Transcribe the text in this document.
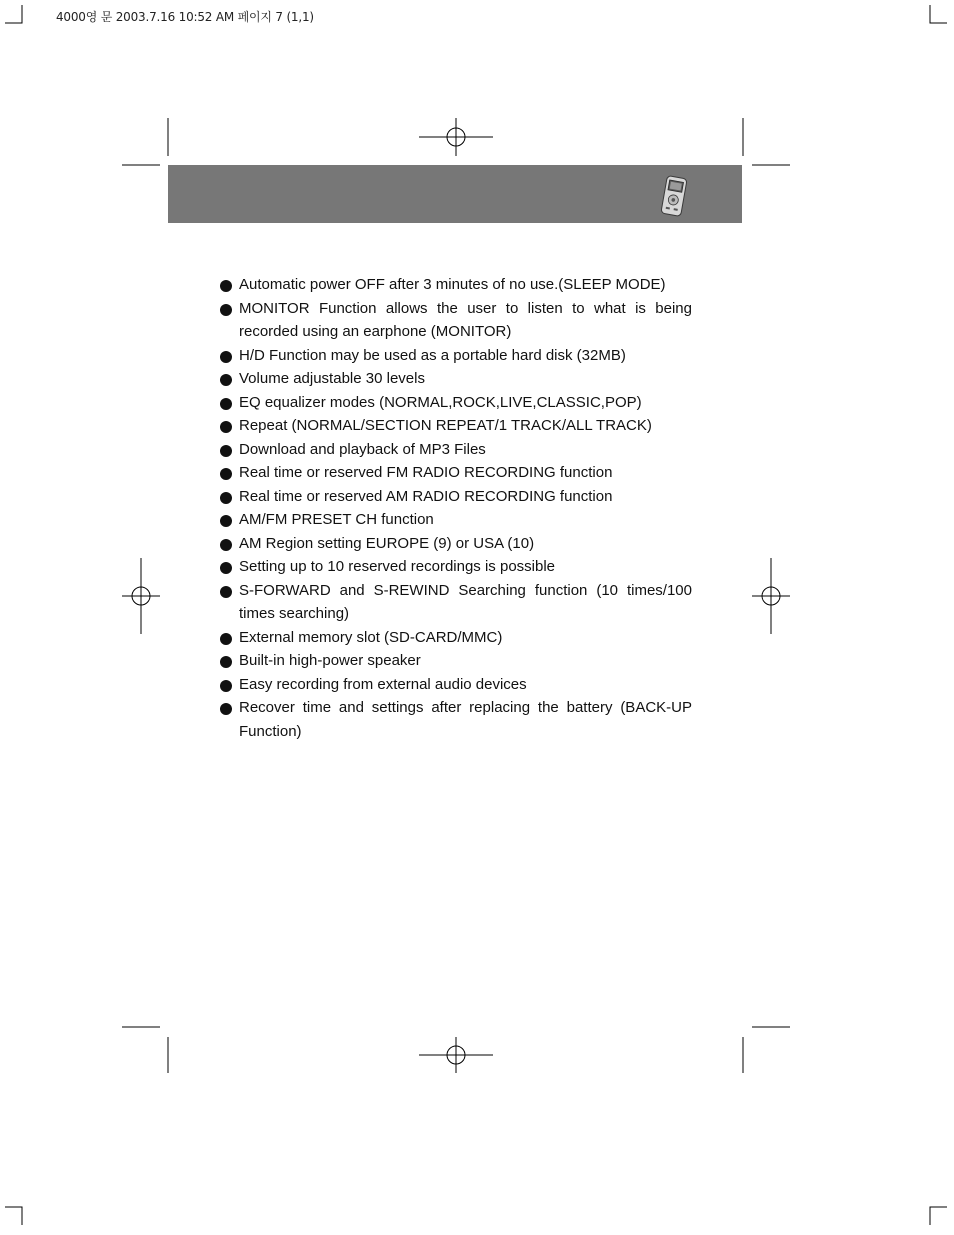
4000영 문 2003.7.16 10:52 AM 페이지 7 (1,1)
Automatic power OFF after 3 minutes of no use.(SLEEP MODE)
MONITOR Function allows the user to listen to what is being recorded using an earphone (MONITOR)
H/D Function may be used as a portable hard disk (32MB)
Volume adjustable 30 levels
EQ equalizer modes (NORMAL,ROCK,LIVE,CLASSIC,POP)
Repeat (NORMAL/SECTION REPEAT/1 TRACK/ALL TRACK)
Download and playback of MP3 Files
Real time or reserved FM RADIO RECORDING function
Real time or reserved AM RADIO RECORDING function
AM/FM PRESET CH function
AM Region setting EUROPE (9) or USA (10)
Setting up to 10 reserved recordings is possible
S-FORWARD and S-REWIND Searching function (10 times/100 times searching)
External memory slot (SD-CARD/MMC)
Built-in high-power speaker
Easy recording from external audio devices
Recover time and settings after replacing the battery (BACK-UP Function)
